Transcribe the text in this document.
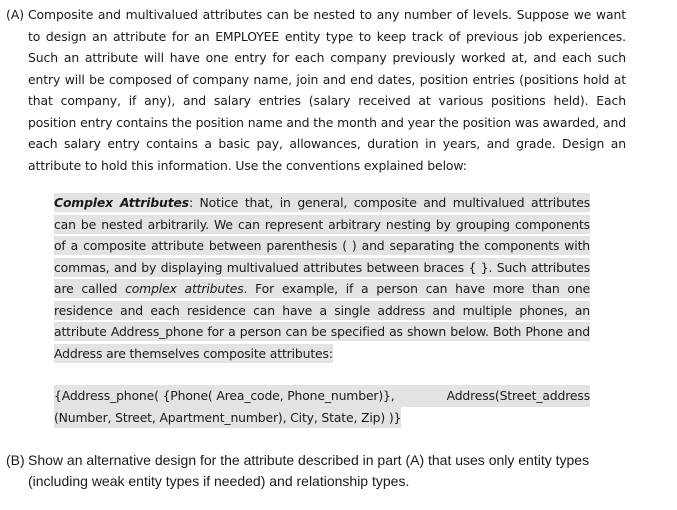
(A) Composite and multivalued attributes can be nested to any number of levels. Suppose we want to design an attribute for an EMPLOYEE entity type to keep track of previous job experiences. Such an attribute will have one entry for each company previously worked at, and each such entry will be composed of company name, join and end dates, position entries (positions hold at that company, if any), and salary entries (salary received at various positions held). Each position entry contains the position name and the month and year the position was awarded, and each salary entry contains a basic pay, allowances, duration in years, and grade. Design an attribute to hold this information. Use the conventions explained below:
Complex Attributes: Notice that, in general, composite and multivalued attributes can be nested arbitrarily. We can represent arbitrary nesting by grouping components of a composite attribute between parenthesis ( ) and separating the components with commas, and by displaying multivalued attributes between braces { }. Such attributes are called complex attributes. For example, if a person can have more than one residence and each residence can have a single address and multiple phones, an attribute Address_phone for a person can be specified as shown below. Both Phone and Address are themselves composite attributes:
{Address_phone( {Phone( Area_code, Phone_number)},	Address(Street_address
(Number, Street, Apartment_number), City, State, Zip) )}
(B) Show an alternative design for the attribute described in part (A) that uses only entity types (including weak entity types if needed) and relationship types.
